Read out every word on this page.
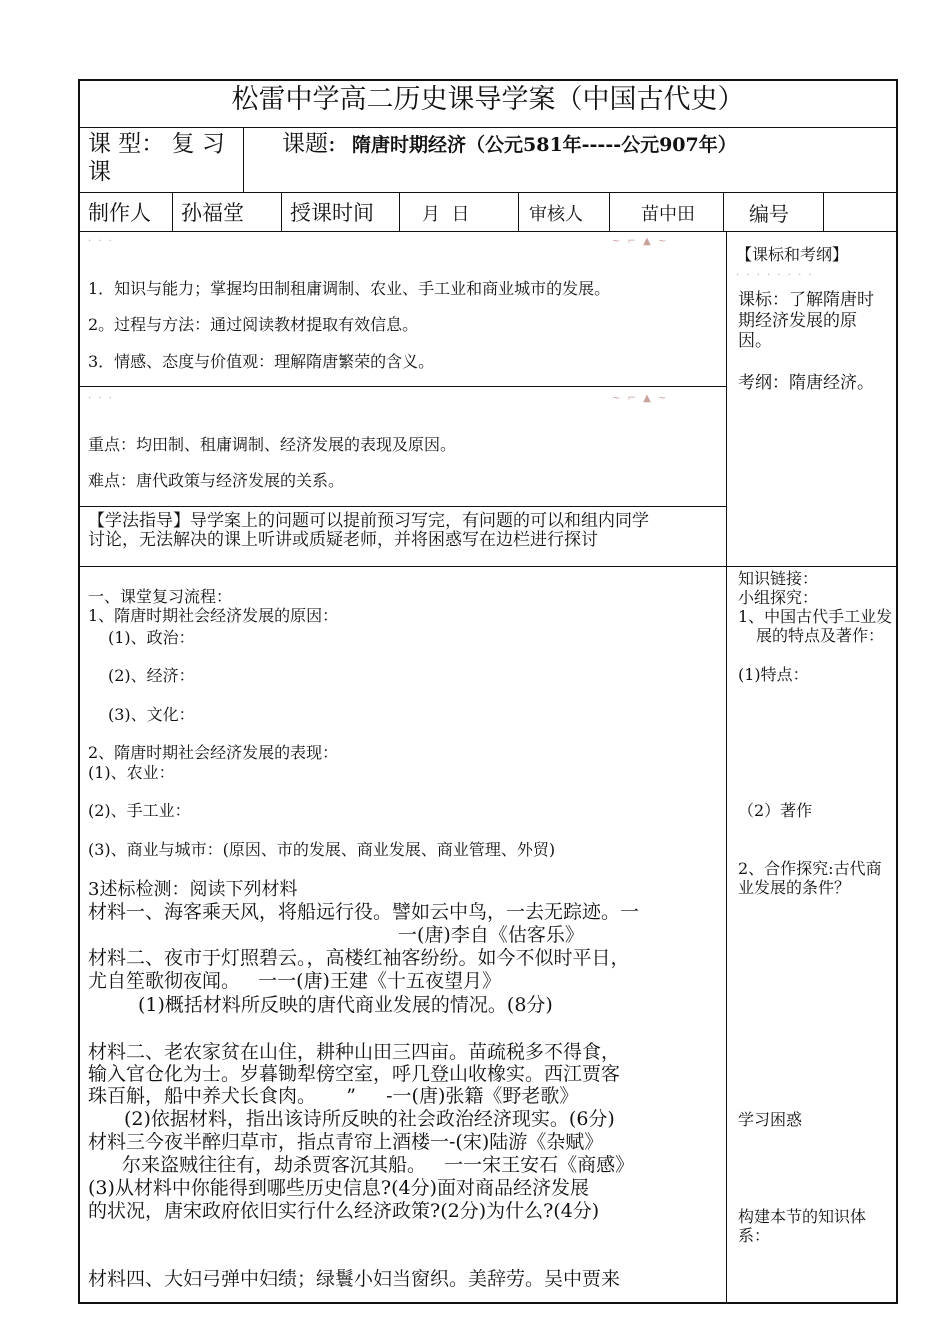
松雷中学高二历史课导学案（中国古代史）
课 型： 复 习
课
课题: 隋唐时期经济（公元581年-----公元907年）
制作人 孙福堂 授课时间	月  日	审核人	苗中田	编号
· · ·	~ ⌐ ▲ ~
1．知识与能力；掌握均田制租庸调制、农业、手工业和商业城市的发展。
2。过程与方法：通过阅读教材提取有效信息。
3．情感、态度与价值观：理解隋唐繁荣的含义。
· · ·	~ ⌐ ▲ ~
重点：均田制、租庸调制、经济发展的表现及原因。
难点：唐代政策与经济发展的关系。
【学法指导】导学案上的问题可以提前预习写完，有问题的可以和组内同学
讨论，无法解决的课上听讲或质疑老师，并将困惑写在边栏进行探讨
【课标和考纲】
· · · · · · · ·
课标：了解隋唐时期经济发展的原因。
考纲：隋唐经济。
一、课堂复习流程：
1、隋唐时期社会经济发展的原因：
(1)、政治：
(2)、经济：
(3)、文化：
2、隋唐时期社会经济发展的表现：
(1)、农业：
(2)、手工业：
(3)、商业与城市：(原因、市的发展、商业发展、商业管理、外贸)
3述标检测：阅读下列材料
材料一、海客乘天风，将船远行役。譬如云中鸟，一去无踪迹。一
一(唐)李自《估客乐》
材料二、夜市于灯照碧云。，高楼红袖客纷纷。如今不似时平日，
尤自笙歌彻夜闻。   一一(唐)王建《十五夜望月》
(1)概括材料所反映的唐代商业发展的情况。(8分)
材料二、老农家贫在山住，耕种山田三四亩。苗疏税多不得食，
输入官仓化为士。岁暮锄犁傍空室，呼几登山收橡实。西江贾客
珠百斛，船中养犬长食肉。     ”     -一(唐)张籍《野老歌》
(2)依据材料，指出该诗所反映的社会政治经济现实。(6分)
材料三今夜半醉归草市，指点青帘上酒楼一-(宋)陆游《杂赋》
尔来盗贼往往有，劫杀贾客沉其船。   一一宋王安石《商感》
(3)从材料中你能得到哪些历史信息?(4分)面对商品经济发展
的状况，唐宋政府依旧实行什么经济政策?(2分)为什么?(4分)
材料四、大妇弓弹中妇绩；绿鬟小妇当窗织。美辞劳。吴中贾来
知识链接：
小组探究：
1、中国古代手工业发展的特点及著作：
(1)特点：
（2）著作
2、合作探究:古代商业发展的条件？
学习困惑
构建本节的知识体系：
